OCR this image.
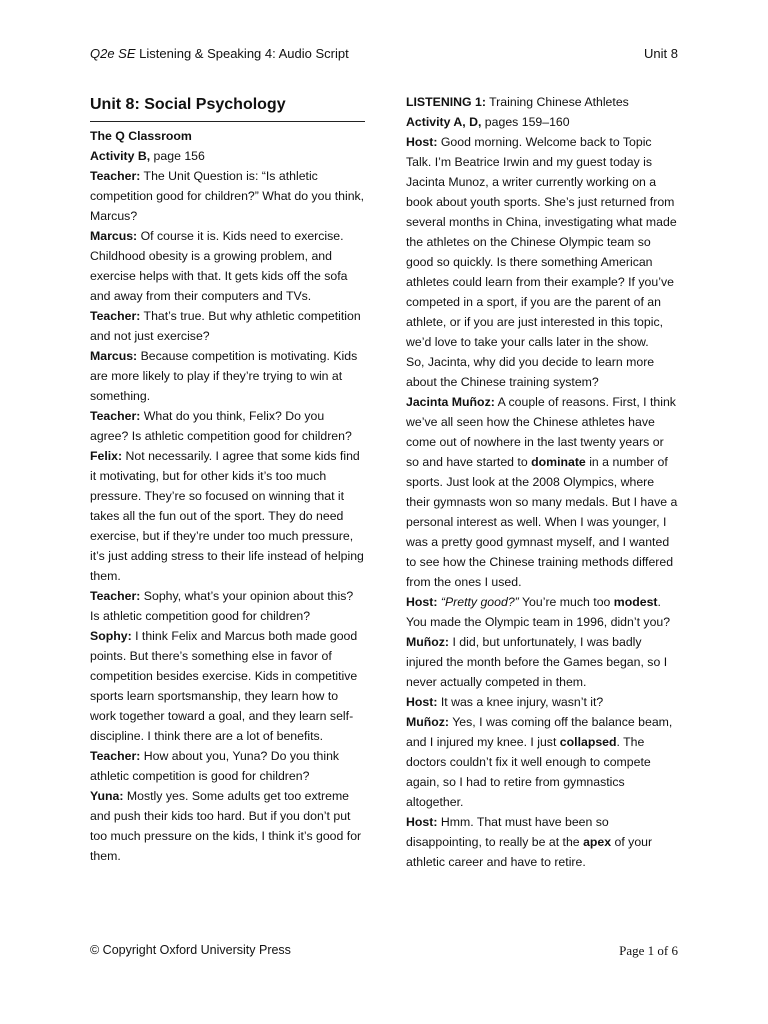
Q2e SE Listening & Speaking 4: Audio Script	Unit 8
Unit 8: Social Psychology

The Q Classroom

Activity B, page 156

Teacher: The Unit Question is: “Is athletic competition good for children?” What do you think, Marcus?

Marcus: Of course it is. Kids need to exercise. Childhood obesity is a growing problem, and exercise helps with that. It gets kids off the sofa and away from their computers and TVs.

Teacher: That’s true. But why athletic competition and not just exercise?

Marcus: Because competition is motivating. Kids are more likely to play if they’re trying to win at something.

Teacher: What do you think, Felix? Do you agree? Is athletic competition good for children?

Felix: Not necessarily. I agree that some kids find it motivating, but for other kids it’s too much pressure. They’re so focused on winning that it takes all the fun out of the sport. They do need exercise, but if they’re under too much pressure, it’s just adding stress to their life instead of helping them.

Teacher: Sophy, what’s your opinion about this? Is athletic competition good for children?

Sophy: I think Felix and Marcus both made good points. But there’s something else in favor of competition besides exercise. Kids in competitive sports learn sportsmanship, they learn how to work together toward a goal, and they learn self-discipline. I think there are a lot of benefits.

Teacher: How about you, Yuna? Do you think athletic competition is good for children?

Yuna: Mostly yes. Some adults get too extreme and push their kids too hard. But if you don’t put too much pressure on the kids, I think it’s good for them.

LISTENING 1: Training Chinese Athletes

Activity A, D, pages 159–160

Host: Good morning. Welcome back to Topic Talk. I’m Beatrice Irwin and my guest today is Jacinta Munoz, a writer currently working on a book about youth sports. She’s just returned from several months in China, investigating what made the athletes on the Chinese Olympic team so good so quickly. Is there something American athletes could learn from their example? If you’ve competed in a sport, if you are the parent of an athlete, or if you are just interested in this topic, we’d love to take your calls later in the show.

So, Jacinta, why did you decide to learn more about the Chinese training system?

Jacinta Muñoz: A couple of reasons. First, I think we’ve all seen how the Chinese athletes have come out of nowhere in the last twenty years or so and have started to dominate in a number of sports. Just look at the 2008 Olympics, where their gymnasts won so many medals. But I have a personal interest as well. When I was younger, I was a pretty good gymnast myself, and I wanted to see how the Chinese training methods differed from the ones I used.

Host: “Pretty good?” You’re much too modest. You made the Olympic team in 1996, didn’t you?

Muñoz: I did, but unfortunately, I was badly injured the month before the Games began, so I never actually competed in them.

Host: It was a knee injury, wasn’t it?

Muñoz: Yes, I was coming off the balance beam, and I injured my knee. I just collapsed. The doctors couldn’t fix it well enough to compete again, so I had to retire from gymnastics altogether.

Host: Hmm. That must have been so disappointing, to really be at the apex of your athletic career and have to retire.

© Copyright Oxford University Press	Page 1 of 6
